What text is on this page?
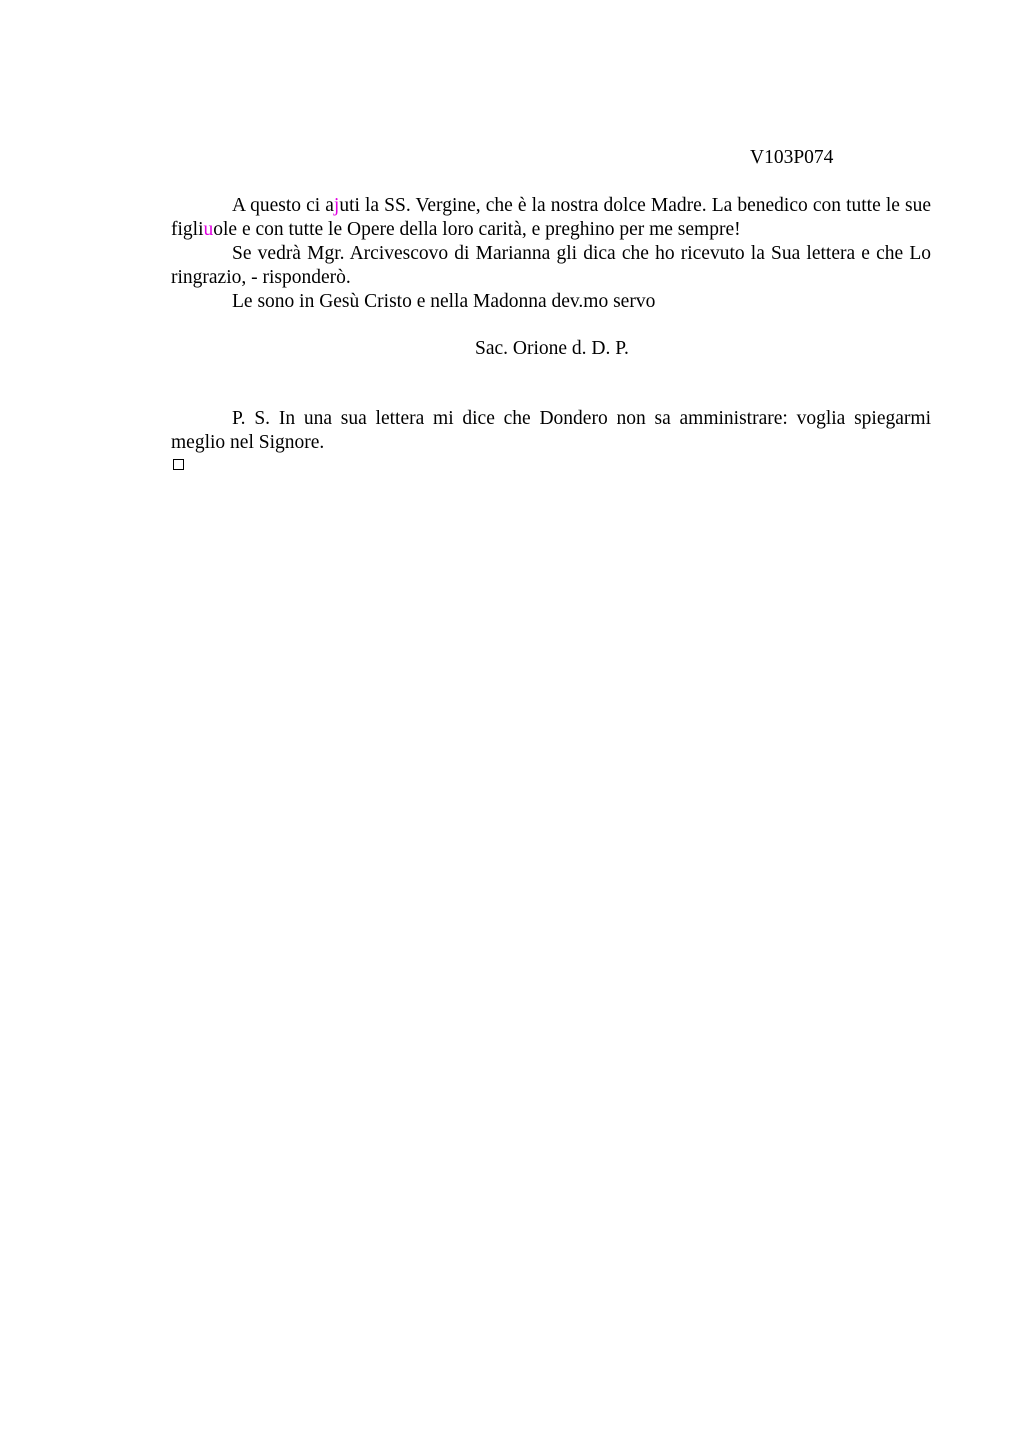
V103P074

A questo ci ajuti la SS. Vergine, che è la nostra dolce Madre. La benedico con tutte le sue figliuole e con tutte le Opere della loro carità, e preghino per me sempre!

Se vedrà Mgr. Arcivescovo di Marianna gli dica che ho ricevuto la Sua lettera e che Lo ringrazio, - risponderò.

Le sono in Gesù Cristo e nella Madonna dev.mo servo

Sac. Orione d. D. P.

P. S. In una sua lettera mi dice che Dondero non sa amministrare: voglia spiegarmi meglio nel Signore.
